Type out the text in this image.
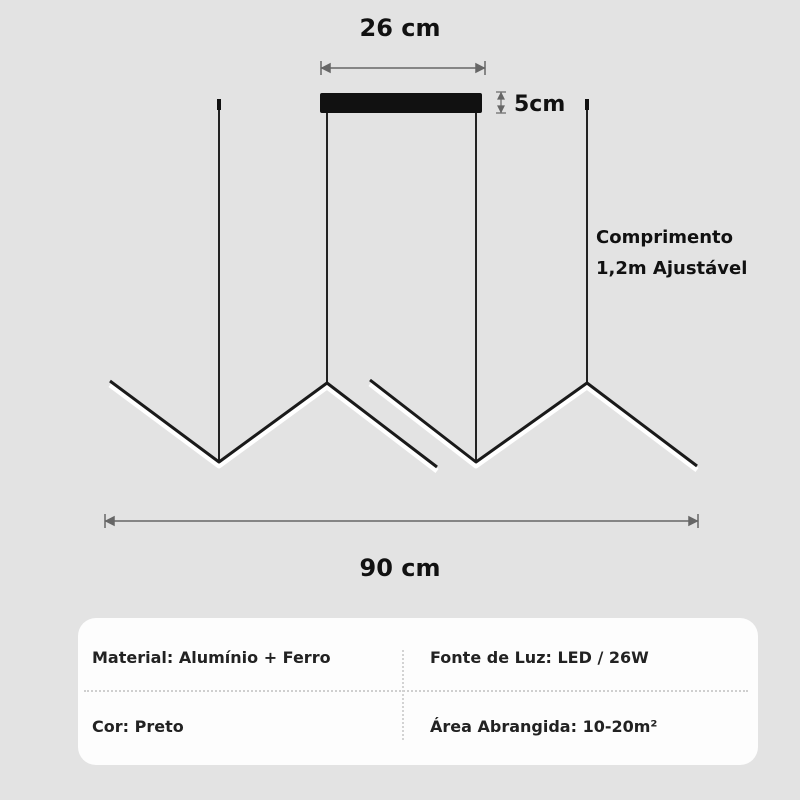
26 cm
5cm
Comprimento
1,2m Ajustável
90 cm
Material: Alumínio + Ferro	Fonte de Luz: LED / 26W
Cor: Preto	Área Abrangida: 10-20m²
